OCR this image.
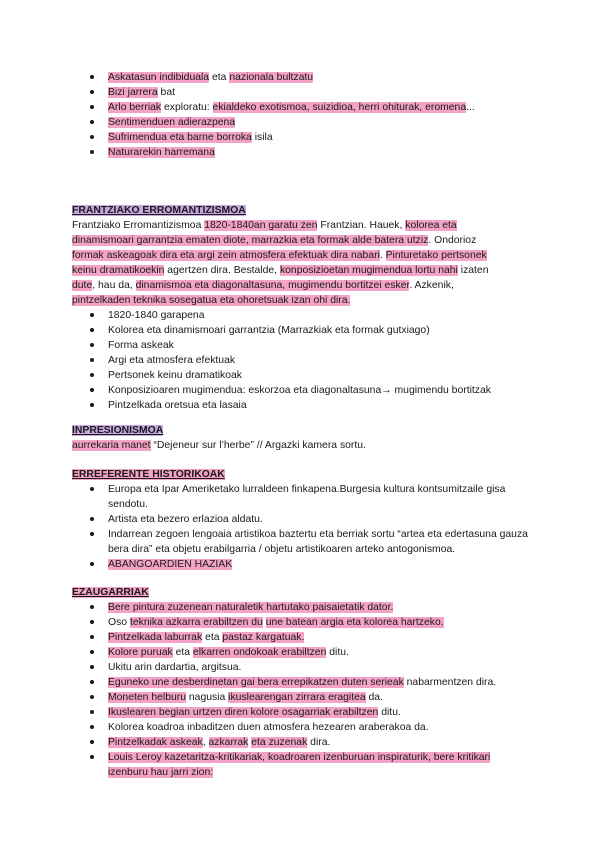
Askatasun indibiduala eta nazionala bultzatu
Bizi jarrera bat
Arlo berriak exploratu: ekialdeko exotismoa, suizidioa, herri ohiturak, eromena...
Sentimenduen adierazpena
Sufrimendua eta barne borroka isila
Naturarekin harremana
FRANTZIAKO ERROMANTIZISMOA
Frantziako Erromantizismoa 1820-1840an garatu zen Frantzian. Hauek, kolorea eta
dinamismoari garrantzia ematen diote, marrazkia eta formak alde batera utziz. Ondorioz
formak askeagoak dira eta argi zein atmosfera efektuak dira nabari. Pinturetako pertsonek
keinu dramatikoekin agertzen dira. Bestalde, konposizioetan mugimendua lortu nahi izaten
dute, hau da, dinamismoa eta diagonaltasuna, mugimendu bortitzei esker. Azkenik,
pintzelkaden teknika sosegatua eta ohoretsuak izan ohi dira.
1820-1840 garapena
Kolorea eta dinamismoari garrantzia (Marrazkiak eta formak gutxiago)
Forma askeak
Argi eta atmosfera efektuak
Pertsonek keinu dramatikoak
Konposizioaren mugimendua: eskorzoa eta diagonaltasuna→ mugimendu bortitzak
Pintzelkada oretsua eta lasaia
INPRESIONISMOA
aurrekaria manet “Dejeneur sur l’herbe” // Argazki kamera sortu.
ERREFERENTE HISTORIKOAK
Europa eta Ipar Ameriketako lurraldeen finkapena.Burgesia kultura kontsumitzaile gisa sendotu.
Artista eta bezero erlazioa aldatu.
Indarrean zegoen lengoaia artistikoa baztertu eta berriak sortu “artea eta edertasuna gauza bera dira” eta objetu erabilgarria / objetu artistikoaren arteko antogonismoa.
ABANGOARDIEN HAZIAK
EZAUGARRIAK
Bere pintura zuzenean naturaletik hartutako paisaietatik dator.
Oso teknika azkarra erabiltzen du une batean argia eta kolorea hartzeko.
Pintzelkada laburrak eta pastaz kargatuak.
Kolore puruak eta elkarren ondokoak erabiltzen ditu.
Ukitu arin dardartia, argitsua.
Eguneko une desberdinetan gai bera errepikatzen duten serieak nabarmentzen dira.
Moneten helburu nagusia ikuslearengan zirrara eragitea da.
Ikuslearen begian urtzen diren kolore osagarriak erabiltzen ditu.
Kolorea koadroa inbaditzen duen atmosfera hezearen araberakoa da.
Pintzelkadak askeak, azkarrak eta zuzenak dira.
Louis Leroy kazetaritza-kritikariak, koadroaren izenburuan inspiraturik, bere kritikari izenburu hau jarri zion:
